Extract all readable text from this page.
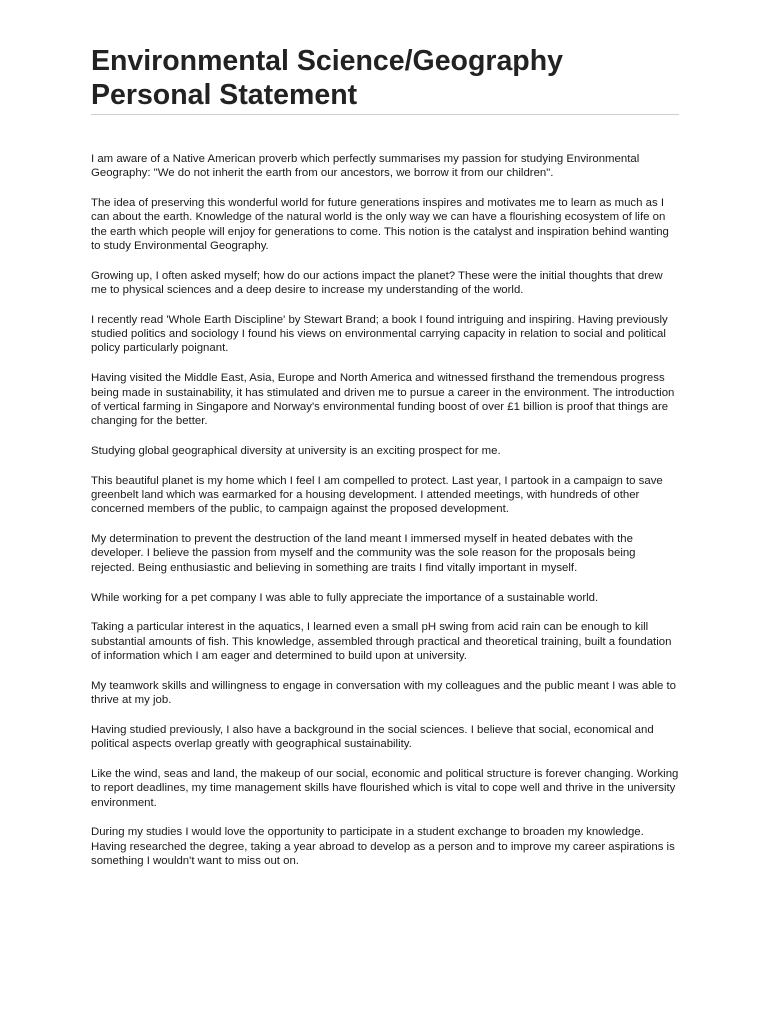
Environmental Science/Geography
Personal Statement

I am aware of a Native American proverb which perfectly summarises my passion for studying Environmental Geography: "We do not inherit the earth from our ancestors, we borrow it from our children".

The idea of preserving this wonderful world for future generations inspires and motivates me to learn as much as I can about the earth. Knowledge of the natural world is the only way we can have a flourishing ecosystem of life on the earth which people will enjoy for generations to come. This notion is the catalyst and inspiration behind wanting to study Environmental Geography.

Growing up, I often asked myself; how do our actions impact the planet? These were the initial thoughts that drew me to physical sciences and a deep desire to increase my understanding of the world.

I recently read 'Whole Earth Discipline' by Stewart Brand; a book I found intriguing and inspiring. Having previously studied politics and sociology I found his views on environmental carrying capacity in relation to social and political policy particularly poignant.

Having visited the Middle East, Asia, Europe and North America and witnessed firsthand the tremendous progress being made in sustainability, it has stimulated and driven me to pursue a career in the environment. The introduction of vertical farming in Singapore and Norway's environmental funding boost of over £1 billion is proof that things are changing for the better.

Studying global geographical diversity at university is an exciting prospect for me.

This beautiful planet is my home which I feel I am compelled to protect. Last year, I partook in a campaign to save greenbelt land which was earmarked for a housing development. I attended meetings, with hundreds of other concerned members of the public, to campaign against the proposed development.

My determination to prevent the destruction of the land meant I immersed myself in heated debates with the developer. I believe the passion from myself and the community was the sole reason for the proposals being rejected. Being enthusiastic and believing in something are traits I find vitally important in myself.

While working for a pet company I was able to fully appreciate the importance of a sustainable world.

Taking a particular interest in the aquatics, I learned even a small pH swing from acid rain can be enough to kill substantial amounts of fish. This knowledge, assembled through practical and theoretical training, built a foundation of information which I am eager and determined to build upon at university.

My teamwork skills and willingness to engage in conversation with my colleagues and the public meant I was able to thrive at my job.

Having studied previously, I also have a background in the social sciences. I believe that social, economical and political aspects overlap greatly with geographical sustainability.

Like the wind, seas and land, the makeup of our social, economic and political structure is forever changing. Working to report deadlines, my time management skills have flourished which is vital to cope well and thrive in the university environment.

During my studies I would love the opportunity to participate in a student exchange to broaden my knowledge. Having researched the degree, taking a year abroad to develop as a person and to improve my career aspirations is something I wouldn't want to miss out on.
